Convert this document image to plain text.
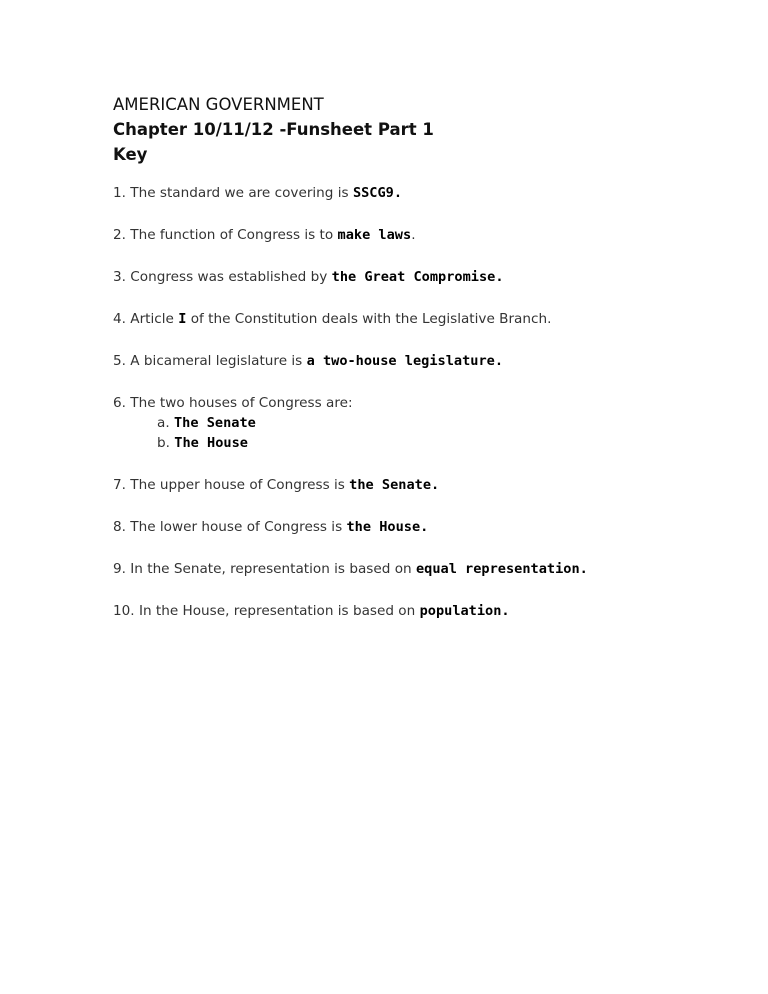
AMERICAN GOVERNMENT
Chapter 10/11/12 -Funsheet Part 1
Key
1. The standard we are covering is SSCG9.
2. The function of Congress is to make laws.
3. Congress was established by the Great Compromise.
4. Article I of the Constitution deals with the Legislative Branch.
5. A bicameral legislature is a two-house legislature.
6. The two houses of Congress are:
a. The Senate
b. The House
7. The upper house of Congress is the Senate.
8. The lower house of Congress is the House.
9. In the Senate, representation is based on equal representation.
10. In the House, representation is based on population.
